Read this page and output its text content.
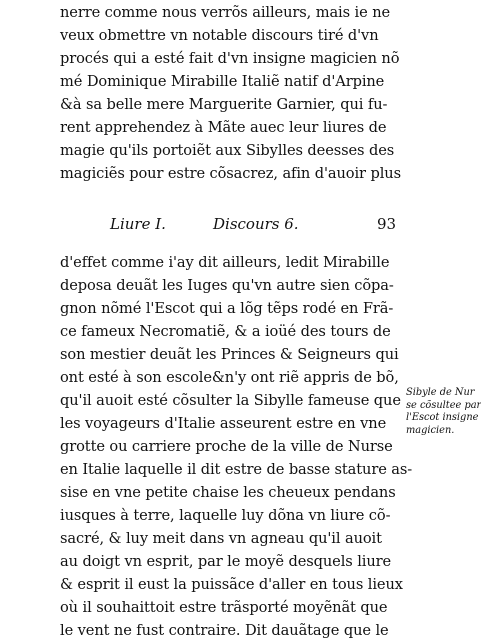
nerre comme nous verrõs ailleurs, mais ie ne
veux obmettre vn notable discours tiré d'vn
procés qui a esté fait d'vn insigne magicien nõ
mé Dominique Mirabille Italiẽ natif d'Arpine
&à sa belle mere Marguerite Garnier, qui fu-
rent apprehendez à Mãte auec leur liures de
magie qu'ils portoiẽt aux Sibylles deesses des
magiciẽs pour estre cõsacrez, afin d'auoir plus
Liure I.	Discours 6.	93
d'effet comme i'ay dit ailleurs, ledit Mirabille
deposa deuãt les Iuges qu'vn autre sien cõpa-
gnon nõmé l'Escot qui a lõg tẽps rodé en Frã-
ce fameux Necromatiẽ, & a ioüé des tours de
son mestier deuãt les Princes & Seigneurs qui
ont esté à son escole&n'y ont riẽ appris de bõ,
qu'il auoit esté cõsulter la Sibylle fameuse que
les voyageurs d'Italie asseurent estre en vne
grotte ou carriere proche de la ville de Nurse
en Italie laquelle il dit estre de basse stature as-
sise en vne petite chaise les cheueux pendans
iusques à terre, laquelle luy dõna vn liure cõ-
sacré, & luy meit dans vn agneau qu'il auoit
au doigt vn esprit, par le moyẽ desquels liure
& esprit il eust la puissãce d'aller en tous lieux
où il souhaittoit estre trãsporté moyẽnãt que
le vent ne fust contraire. Dit dauãtage que le
Sibyle de Nur
se cõsultee par
l'Escot insigne
magicien.
